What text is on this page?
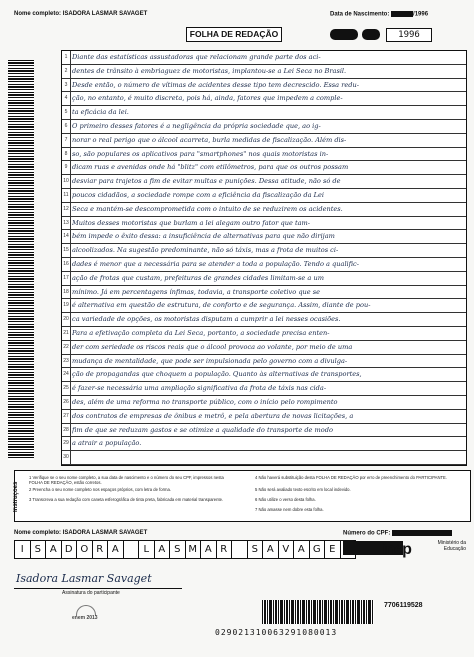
Nome completo: ISADORA LASMAR SAVAGET	Data de Nascimento:	/1996
FOLHA DE REDAÇÃO	1996
1 Diante das estatísticas assustadoras que relacionam grande parte dos aci-
2 dentes de trânsito à embriaguez de motoristas, implantou-se a Lei Seca no Brasil.
3 Desde então, o número de vítimas de acidentes desse tipo tem decrescido. Essa redu-
4 ção, no entanto, é muito discreta, pois há, ainda, fatores que impedem a comple-
5 ta eficácia da lei.
6 O primeiro desses fatores é a negligência da própria sociedade que, ao ig-
7 norar o real perigo que o álcool acarreta, burla medidas de fiscalização. Além dis-
8 so, são populares os aplicativos para "smartphones" nos quais motoristas in-
9 dicam ruas e avenidas onde há "blitz" com etilômetros, para que os outros possam
10 desviar para trajetos a fim de evitar multas e punições. Dessa atitude, não só de
11 poucos cidadãos, a sociedade rompe com a eficiência da fiscalização da Lei
12 Seca e mantém-se descomprometida com o intuito de se reduzirem os acidentes.
13 Muitos desses motoristas que burlam a lei alegam outro fator que tam-
14 bém impede o êxito dessa: a insuficiência de alternativas para que não dirijam
15 alcoolizados. Na sugestão predominante, não só táxis, mas a frota de muitos ci-
16 dades é menor que a necessária para se atender a toda a população. Tendo a qualific-
17 ação de frotas que custam, prefeituras de grandes cidades limitam-se a um
18 mínimo. Já em percentagens ínfimas, todavia, a transporte coletivo que se
19 é alternativa em questão de estrutura, de conforto e de segurança. Assim, diante de pou-
20 ca variedade de opções, os motoristas disputam a cumprir a lei nesses ocasiões.
21 Para a efetivação completa da Lei Seca, portanto, a sociedade precisa enten-
22 der com seriedade os riscos reais que o álcool provoca ao volante, por meio de uma
23 mudança de mentalidade, que pode ser impulsionada pelo governo com a divulga-
24 ção de propagandas que choquem a população. Quanto às alternativas de transportes,
25 é fazer-se necessária uma ampliação significativa da frota de táxis nas cida-
26 des, além de uma reforma no transporte público, com o início pelo rompimento
27 dos contratos de empresas de ônibus e metrô, e pela abertura de novas licitações, a
28 fim de que se reduzam gastos e se otimize a qualidade do transporte de modo
29 a atrair a população.
30
Instruções
1 Verifique se o seu nome completo, a sua data de nascimento e o número do seu CPF, impressos nesta FOLHA DE REDAÇÃO, estão corretos.
2 Preencha o seu nome completo nos espaços próprios, com letra de forma.
3 Transcreva a sua redação com caneta esferográfica de tinta preta, fabricada em material transparente.
4 Não haverá substituição desta FOLHA DE REDAÇÃO por erro de preenchimento do PARTICIPANTE.
5 Não será avaliado texto escrito em local indevido.
6 Não utilize o verso desta folha.
7 Não amasse nem dobre esta folha.
Nome completo: ISADORA LASMAR SAVAGET
I	S A D O R A	L A S M A R	S A V A G E
Número do CPF:
inep	Ministério da Educação
Isadora Lasmar Savaget
Assinatura do participante
enem 2013
7706119528
029021310063291080013
